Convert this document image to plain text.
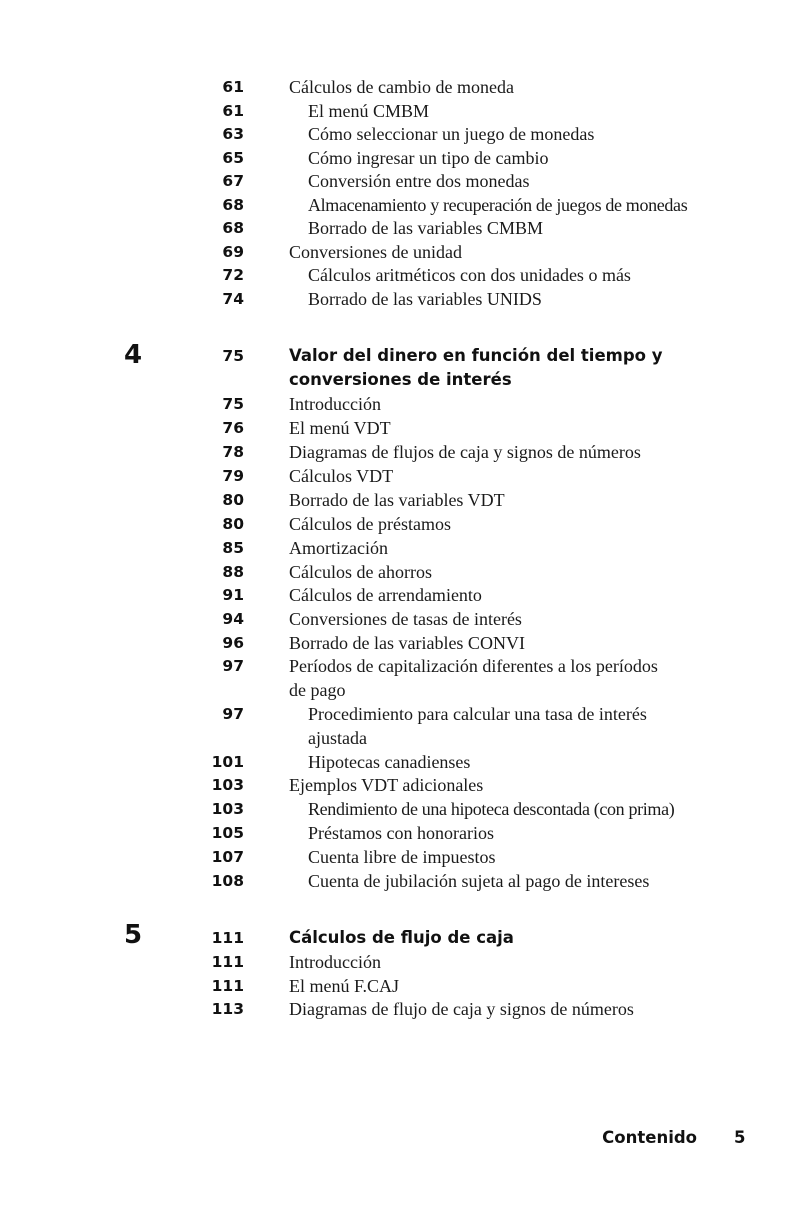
61	Cálculos de cambio de moneda
61	El menú CMBM
63	Cómo seleccionar un juego de monedas
65	Cómo ingresar un tipo de cambio
67	Conversión entre dos monedas
68	Almacenamiento y recuperación de juegos de monedas
68	Borrado de las variables CMBM
69	Conversiones de unidad
72	Cálculos aritméticos con dos unidades o más
74	Borrado de las variables UNIDS
4	75	Valor del dinero en función del tiempo y
conversiones de interés
75	Introducción
76	El menú VDT
78	Diagramas de flujos de caja y signos de números
79	Cálculos VDT
80	Borrado de las variables VDT
80	Cálculos de préstamos
85	Amortización
88	Cálculos de ahorros
91	Cálculos de arrendamiento
94	Conversiones de tasas de interés
96	Borrado de las variables CONVI
97	Períodos de capitalización diferentes a los períodos
de pago
97	Procedimiento para calcular una tasa de interés
ajustada
101	Hipotecas canadienses
103	Ejemplos VDT adicionales
103	Rendimiento de una hipoteca descontada (con prima)
105	Préstamos con honorarios
107	Cuenta libre de impuestos
108	Cuenta de jubilación sujeta al pago de intereses
5	111	Cálculos de flujo de caja
111	Introducción
111	El menú F.CAJ
113	Diagramas de flujo de caja y signos de números
Contenido 5
